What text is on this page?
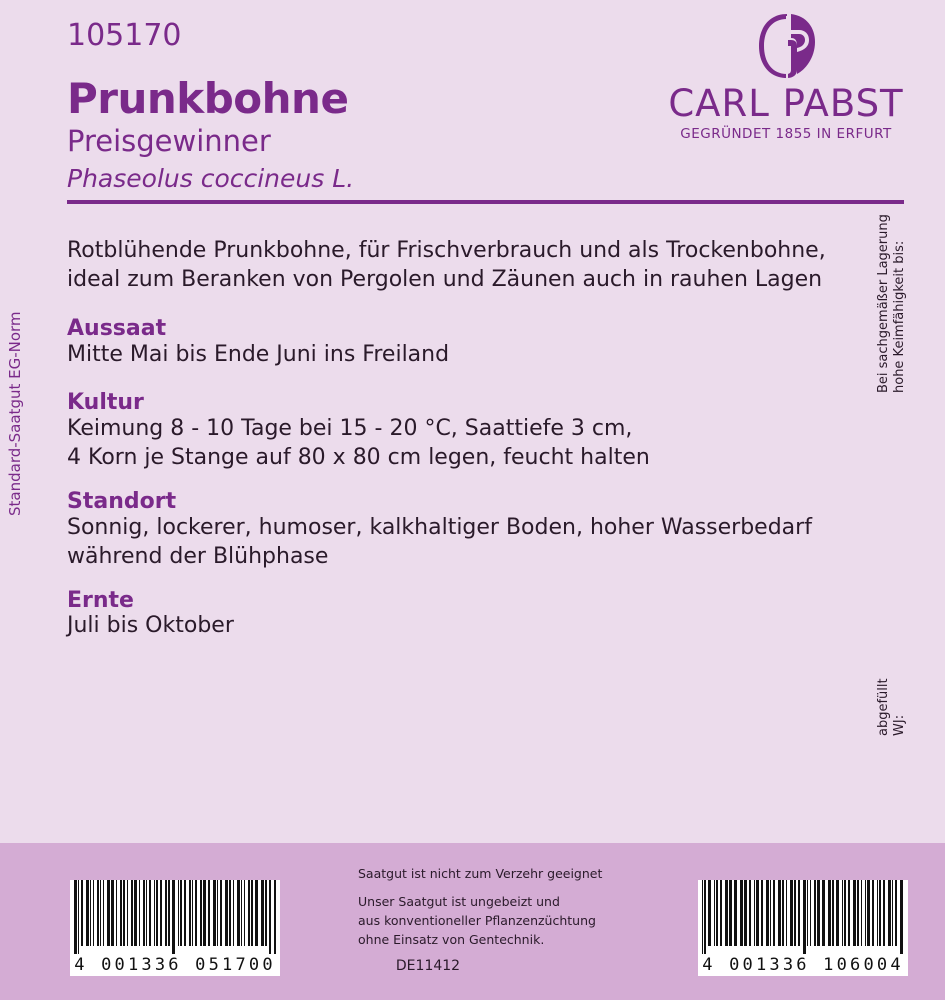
105170
Prunkbohne
Preisgewinner
Phaseolus coccineus L.
CARL PABST
GEGRÜNDET 1855 IN ERFURT
Rotblühende Prunkbohne, für Frischverbrauch und als Trockenbohne,
ideal zum Beranken von Pergolen und Zäunen auch in rauhen Lagen
Aussaat
Mitte Mai bis Ende Juni ins Freiland
Kultur
Keimung 8 - 10 Tage bei 15 - 20 °C, Saattiefe 3 cm,
4 Korn je Stange auf 80 x 80 cm legen, feucht halten
Standort
Sonnig, lockerer, humoser, kalkhaltiger Boden, hoher Wasserbedarf
während der Blühphase
Ernte
Juli bis Oktober
Standard-Saatgut EG-Norm
Bei sachgemäßer Lagerung hohe Keimfähigkeit bis:
abgefüllt WJ:
4 001336 051700	4 001336 106004
Saatgut ist nicht zum Verzehr geeignet
Unser Saatgut ist ungebeizt und
aus konventioneller Pflanzenzüchtung
ohne Einsatz von Gentechnik.
DE11412
